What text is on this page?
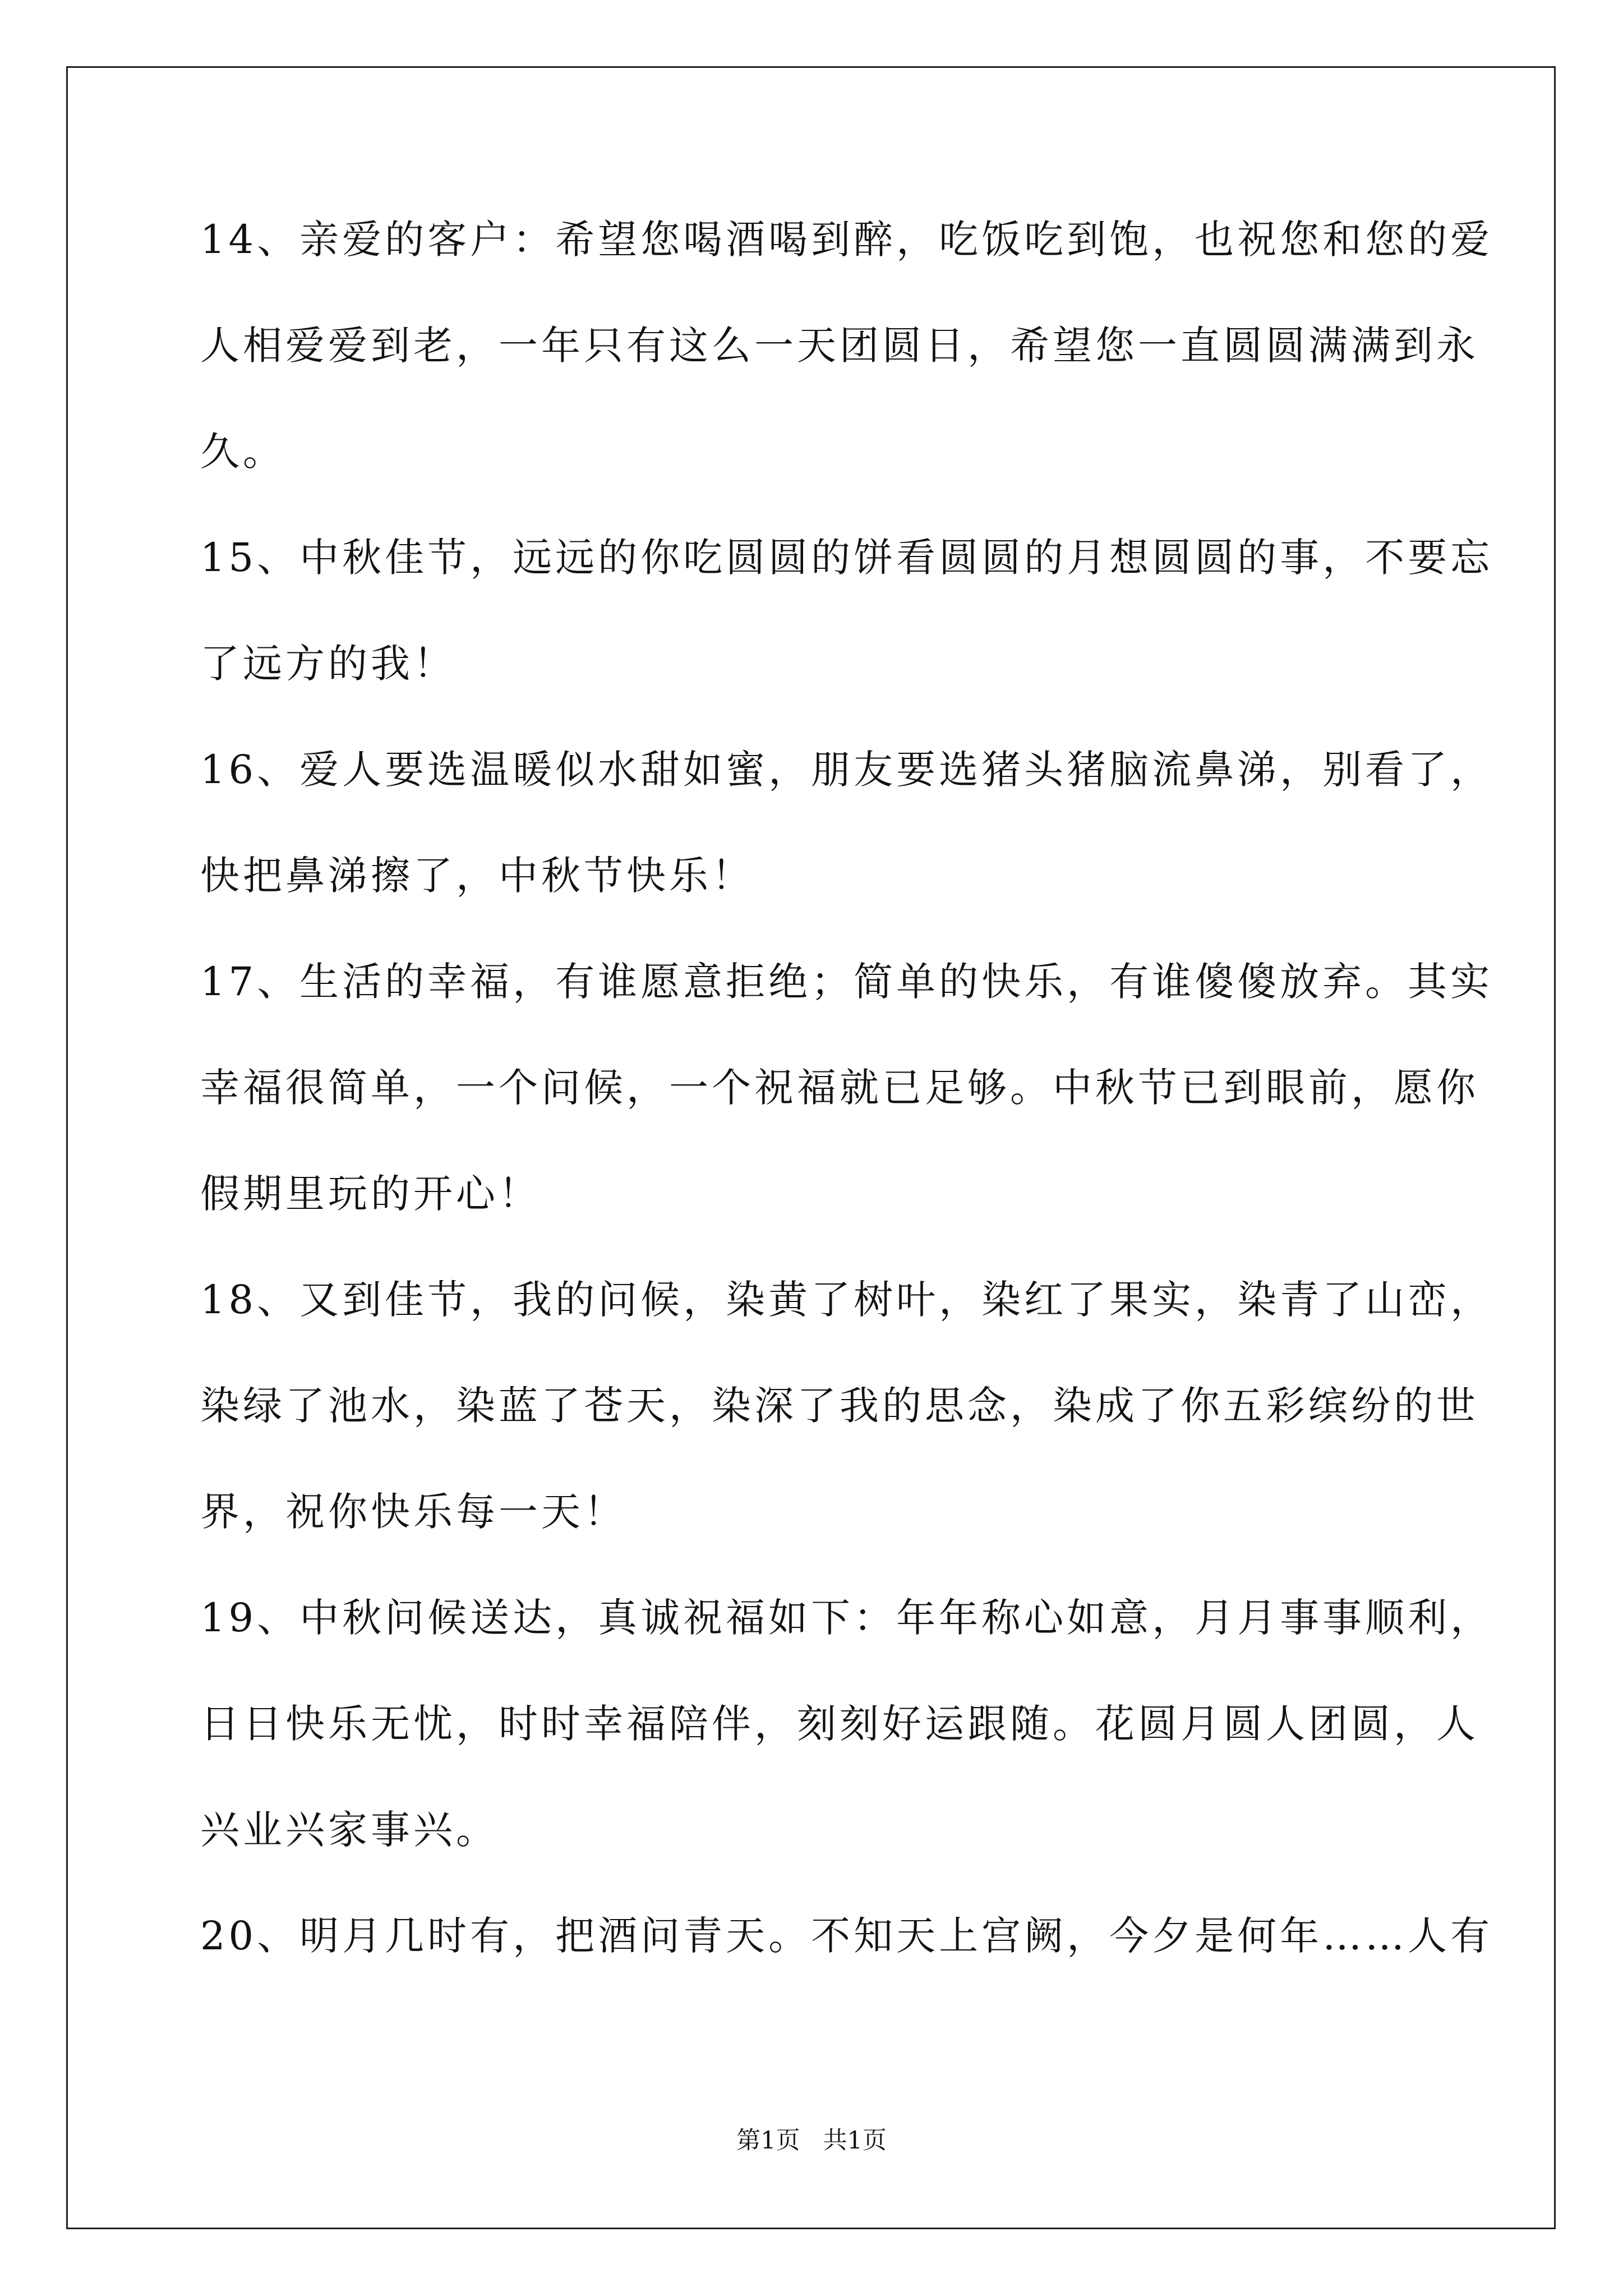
14、亲爱的客户：希望您喝酒喝到醉，吃饭吃到饱，也祝您和您的爱
人相爱爱到老，一年只有这么一天团圆日，希望您一直圆圆满满到永
久。
15、中秋佳节，远远的你吃圆圆的饼看圆圆的月想圆圆的事，不要忘
了远方的我！
16、爱人要选温暖似水甜如蜜，朋友要选猪头猪脑流鼻涕，别看了，
快把鼻涕擦了，中秋节快乐！
17、生活的幸福，有谁愿意拒绝；简单的快乐，有谁傻傻放弃。其实
幸福很简单，一个问候，一个祝福就已足够。中秋节已到眼前，愿你
假期里玩的开心！
18、又到佳节，我的问候，染黄了树叶，染红了果实，染青了山峦，
染绿了池水，染蓝了苍天，染深了我的思念，染成了你五彩缤纷的世
界，祝你快乐每一天！
19、中秋问候送达，真诚祝福如下：年年称心如意，月月事事顺利，
日日快乐无忧，时时幸福陪伴，刻刻好运跟随。花圆月圆人团圆，人
兴业兴家事兴。
20、明月几时有，把酒问青天。不知天上宫阙，今夕是何年……人有
第1页   共1页
